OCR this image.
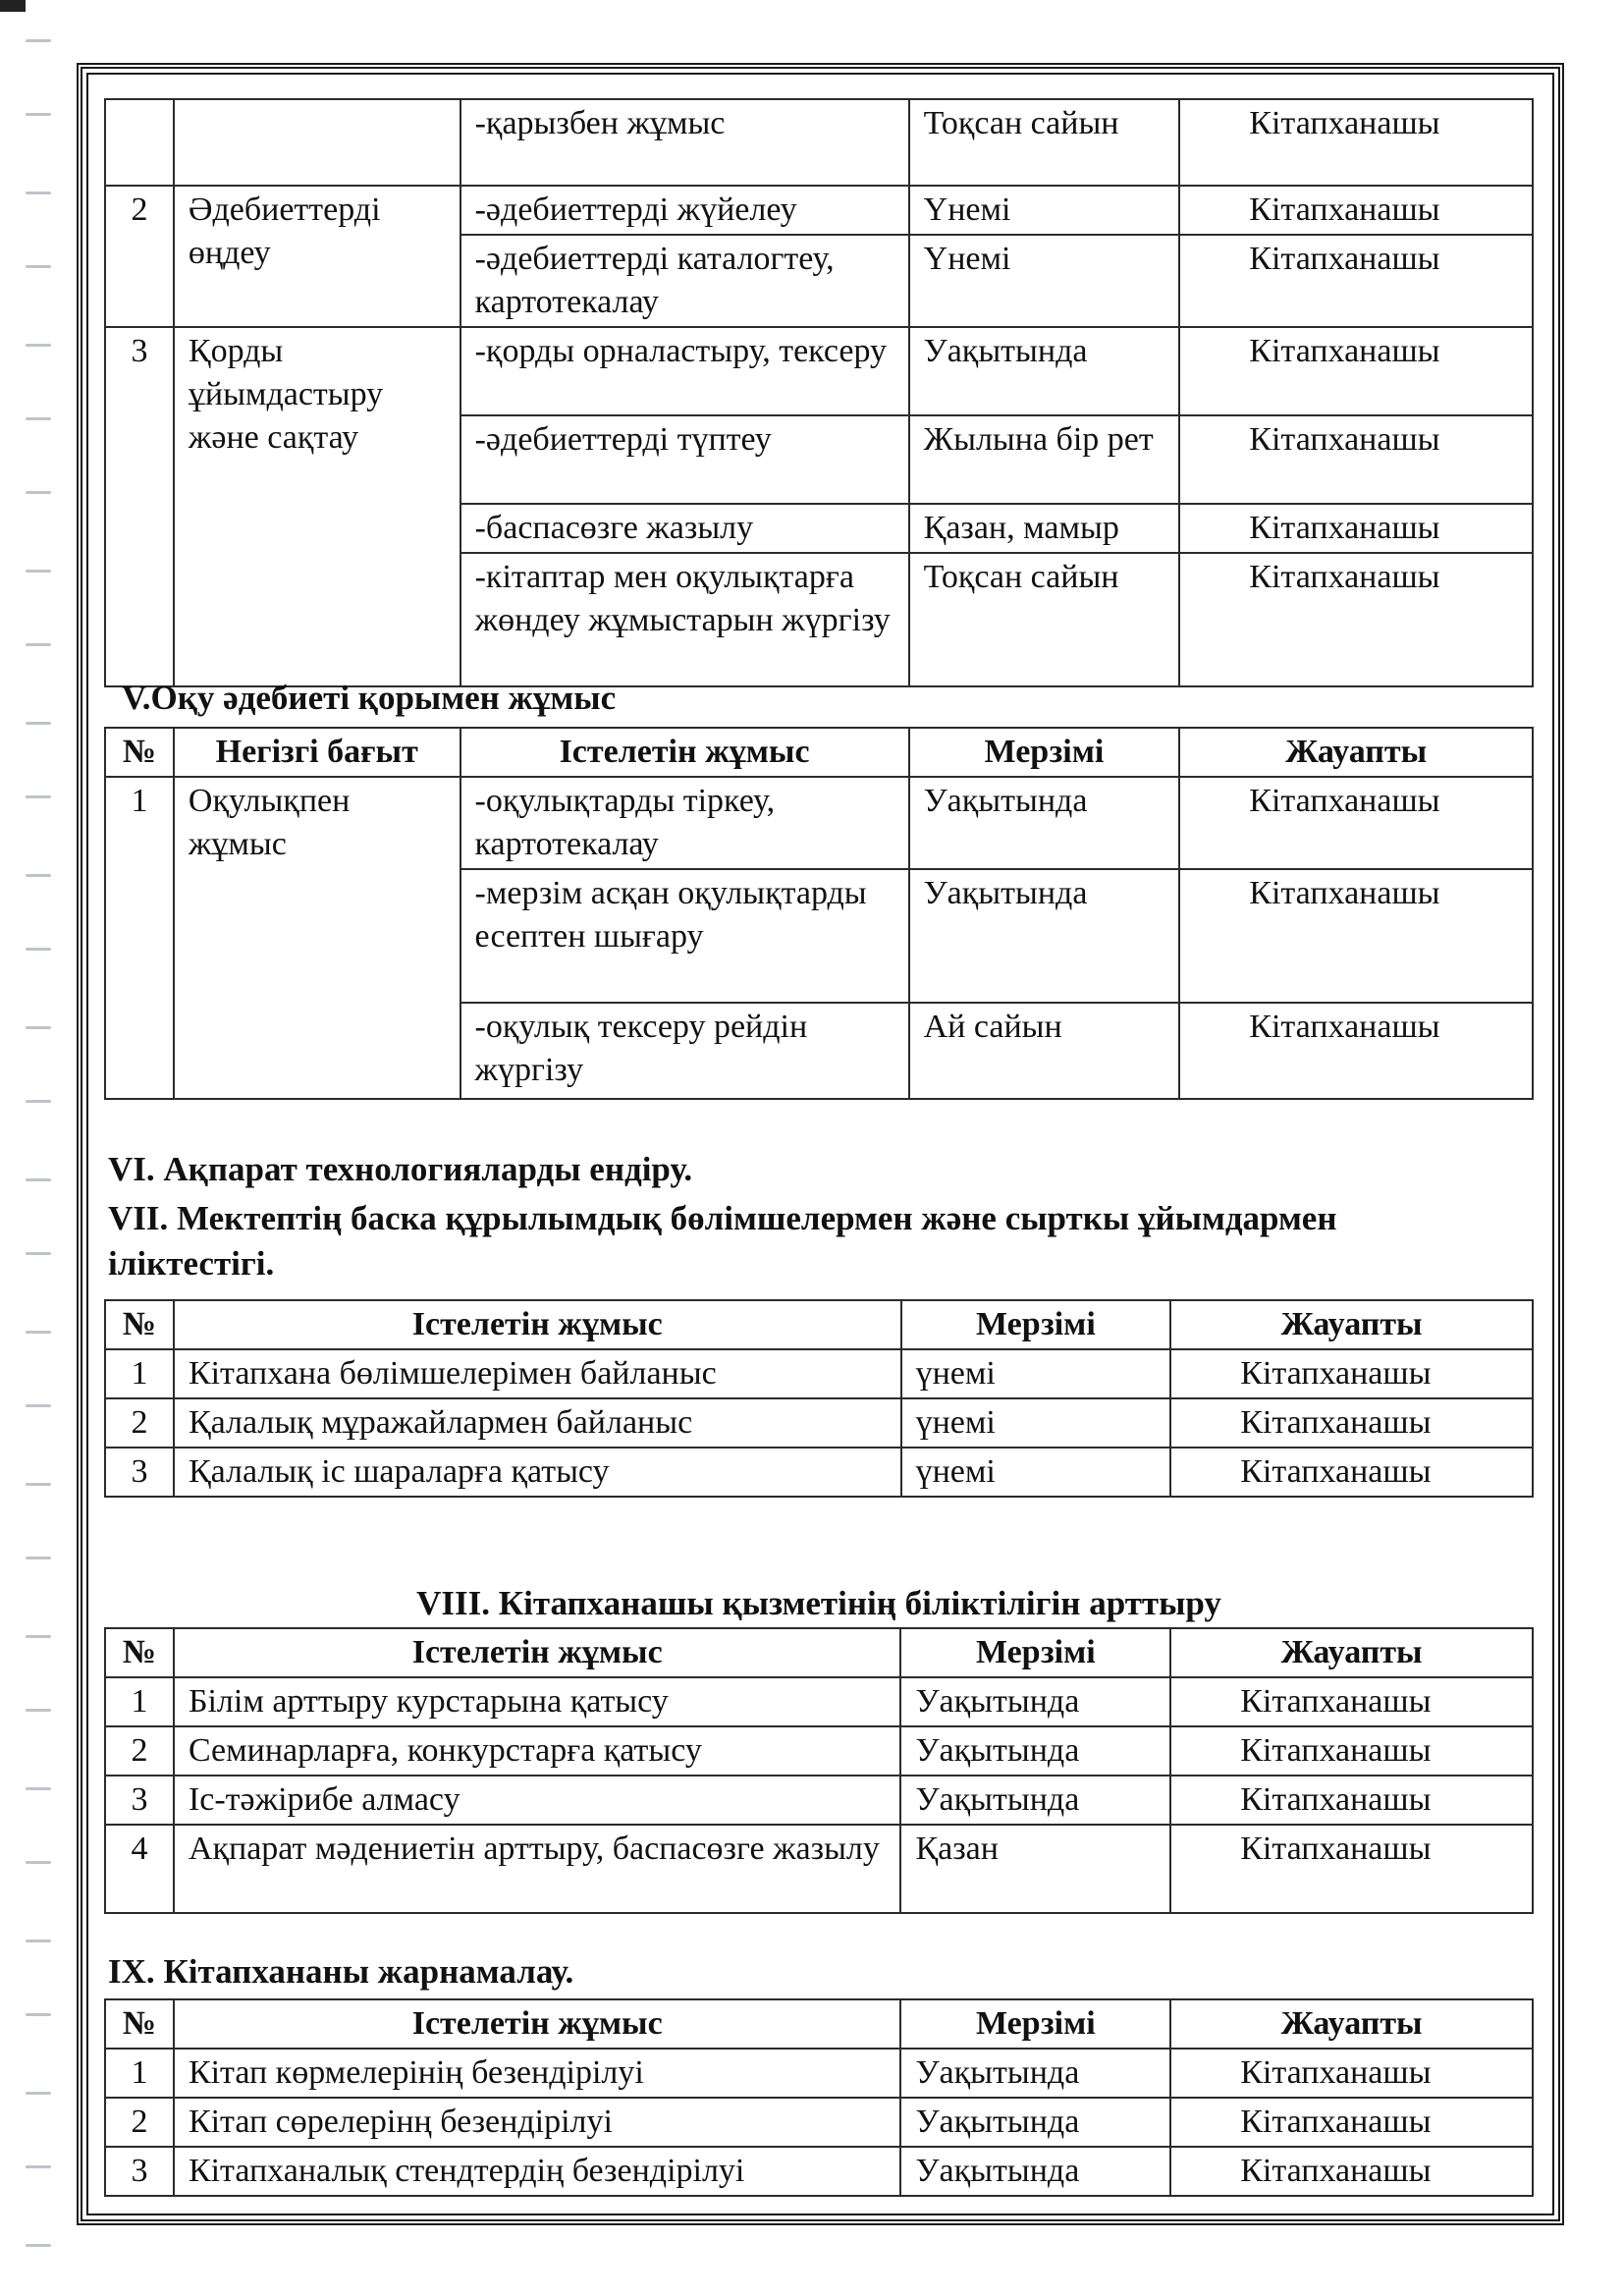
		-қарызбен жұмыс	Тоқсан сайын	Кітапханашы
2	Әдебиеттерді өңдеу	-әдебиеттерді жүйелеу	Үнемі	Кітапханашы
		-әдебиеттерді каталогтеу, картотекалау	Үнемі	Кітапханашы
3	Қорды ұйымдастыру және сақтау	-қорды орналастыру, тексеру	Уақытында	Кітапханашы
		-әдебиеттерді түптеу	Жылына бір рет	Кітапханашы
		-баспасөзге жазылу	Қазан, мамыр	Кітапханашы
		-кітаптар мен оқулықтарға жөндеу жұмыстарын жүргізу	Тоқсан сайын	Кітапханашы
V.Оқу әдебиеті қорымен жұмыс
№	Негізгі бағыт	Істелетін жұмыс	Мерзімі	Жауапты
1	Оқулықпен жұмыс	-оқулықтарды тіркеу, картотекалау	Уақытында	Кітапханашы
		-мерзім асқан оқулықтарды есептен шығару	Уақытында	Кітапханашы
		-оқулық тексеру рейдін жүргізу	Ай сайын	Кітапханашы
VI. Ақпарат технологияларды ендіру.
VII. Мектептің баска құрылымдық бөлімшелермен және сырткы ұйымдармен
іліктестігі.
№	Істелетін жұмыс	Мерзімі	Жауапты
1	Кітапхана бөлімшелерімен байланыс	үнемі	Кітапханашы
2	Қалалық мұражайлармен байланыс	үнемі	Кітапханашы
3	Қалалық іс шараларға қатысу	үнемі	Кітапханашы
VIII. Кітапханашы қызметінің біліктілігін арттыру
№	Істелетін жұмыс	Мерзімі	Жауапты
1	Білім арттыру курстарына қатысу	Уақытында	Кітапханашы
2	Семинарларға, конкурстарға қатысу	Уақытында	Кітапханашы
3	Іс-тәжірибе алмасу	Уақытында	Кітапханашы
4	Ақпарат мәдениетін арттыру, баспасөзге жазылу	Қазан	Кітапханашы
IX. Кітапхананы жарнамалау.
№	Істелетін жұмыс	Мерзімі	Жауапты
1	Кітап көрмелерінің безендірілуі	Уақытында	Кітапханашы
2	Кітап сөрелерінң безендірілуі	Уақытында	Кітапханашы
3	Кітапханалық стендтердің безендірілуі	Уақытында	Кітапханашы
